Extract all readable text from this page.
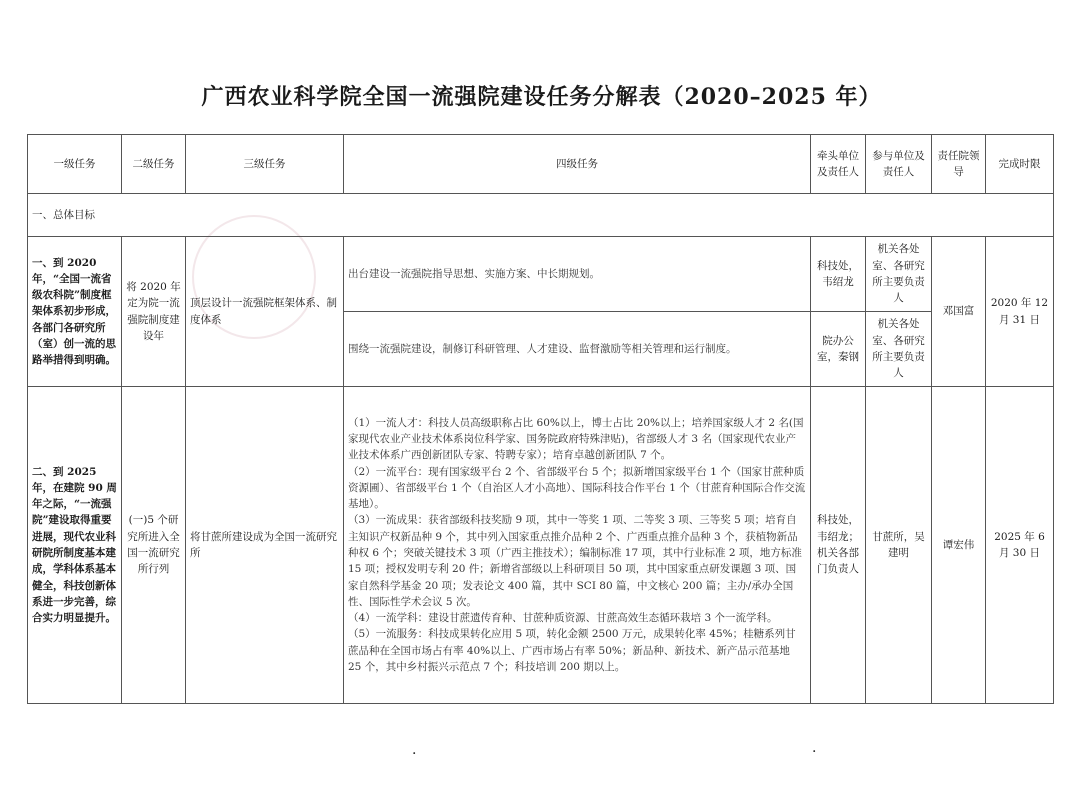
广西农业科学院全国一流强院建设任务分解表（2020–2025 年）
一级任务	二级任务	三级任务	四级任务	牵头单位及责任人	参与单位及责任人	责任院领导	完成时限
一、总体目标							
一、到 2020 年，“全国一流省级农科院”制度框架体系初步形成，各部门各研究所（室）创一流的思路举措得到明确。	将 2020 年定为院一流强院制度建设年	顶层设计一流强院框架体系、制度体系	出台建设一流强院指导思想、实施方案、中长期规划。	科技处，韦绍龙	机关各处室、各研究所主要负责人	邓国富	2020 年 12 月 31 日
			围绕一流强院建设，制修订科研管理、人才建设、监督激励等相关管理和运行制度。	院办公室，秦钢	机关各处室、各研究所主要负责人		
二、到 2025 年，在建院 90 周年之际，“一流强院”建设取得重要进展，现代农业科研院所制度基本建成，学科体系基本健全，科技创新体系进一步完善，综合实力明显提升。	(一)5 个研究所进入全国一流研究所行列	将甘蔗所建设成为全国一流研究所	（1）一流人才：科技人员高级职称占比 60%以上，博士占比 20%以上；培养国家级人才 2 名(国家现代农业产业技术体系岗位科学家、国务院政府特殊津贴)，省部级人才 3 名（国家现代农业产业技术体系广西创新团队专家、特聘专家）；培育卓越创新团队 7 个。
（2）一流平台：现有国家级平台 2 个、省部级平台 5 个；拟新增国家级平台 1 个（国家甘蔗种质资源圃）、省部级平台 1 个（自治区人才小高地）、国际科技合作平台 1 个（甘蔗育种国际合作交流基地）。
（3）一流成果：获省部级科技奖励 9 项，其中一等奖 1 项、二等奖 3 项、三等奖 5 项；培育自主知识产权新品种 9 个，其中列入国家重点推介品种 2 个、广西重点推介品种 3 个，获植物新品种权 6 个；突破关键技术 3 项（广西主推技术）；编制标准 17 项，其中行业标准 2 项，地方标准 15 项；授权发明专利 20 件；新增省部级以上科研项目 50 项，其中国家重点研发课题 3 项、国家自然科学基金 20 项；发表论文 400 篇，其中 SCI 80 篇，中文核心 200 篇；主办/承办全国性、国际性学术会议 5 次。
（4）一流学科：建设甘蔗遗传育种、甘蔗种质资源、甘蔗高效生态循环栽培 3 个一流学科。
（5）一流服务：科技成果转化应用 5 项，转化金额 2500 万元，成果转化率 45%；桂糖系列甘蔗品种在全国市场占有率 40%以上、广西市场占有率 50%；新品种、新技术、新产品示范基地 25 个，其中乡村振兴示范点 7 个；科技培训 200 期以上。	科技处，韦绍龙；机关各部门负责人	甘蔗所，吴建明	谭宏伟	2025 年 6 月 30 日
·	·
